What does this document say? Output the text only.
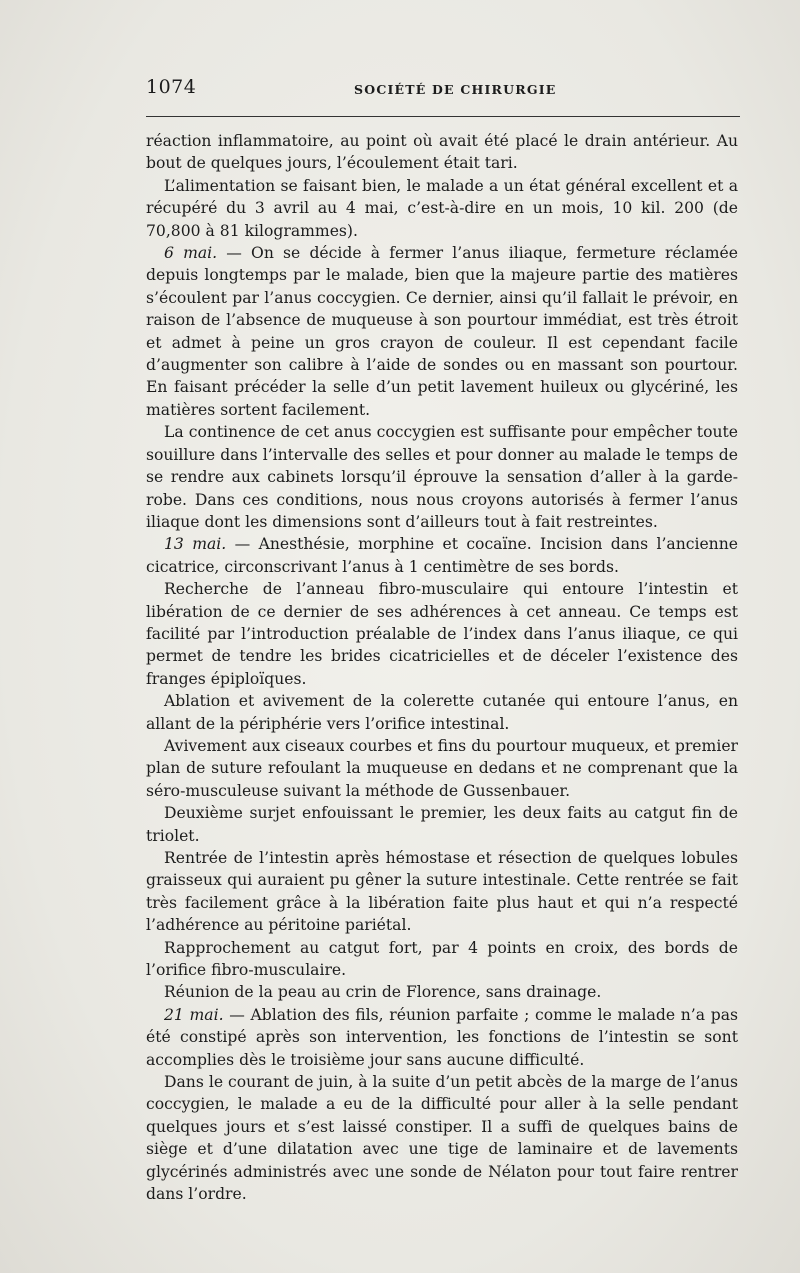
1074	SOCIÉTÉ DE CHIRURGIE

réaction inflammatoire, au point où avait été placé le drain antérieur. Au bout de quelques jours, l’écoulement était tari.

L’alimentation se faisant bien, le malade a un état général excellent et a récupéré du 3 avril au 4 mai, c’est-à-dire en un mois, 10 kil. 200 (de 70,800 à 81 kilogrammes).

6 mai. — On se décide à fermer l’anus iliaque, fermeture réclamée depuis longtemps par le malade, bien que la majeure partie des matières s’écoulent par l’anus coccygien. Ce dernier, ainsi qu’il fallait le prévoir, en raison de l’absence de muqueuse à son pourtour immédiat, est très étroit et admet à peine un gros crayon de couleur. Il est cependant facile d’augmenter son calibre à l’aide de sondes ou en massant son pourtour. En faisant précéder la selle d’un petit lavement huileux ou glycériné, les matières sortent facilement.

La continence de cet anus coccygien est suffisante pour empêcher toute souillure dans l’intervalle des selles et pour donner au malade le temps de se rendre aux cabinets lorsqu’il éprouve la sensation d’aller à la garde-robe. Dans ces conditions, nous nous croyons autorisés à fermer l’anus iliaque dont les dimensions sont d’ailleurs tout à fait restreintes.

13 mai. — Anesthésie, morphine et cocaïne. Incision dans l’ancienne cicatrice, circonscrivant l’anus à 1 centimètre de ses bords.

Recherche de l’anneau fibro-musculaire qui entoure l’intestin et libération de ce dernier de ses adhérences à cet anneau. Ce temps est facilité par l’introduction préalable de l’index dans l’anus iliaque, ce qui permet de tendre les brides cicatricielles et de déceler l’existence des franges épiploïques.

Ablation et avivement de la colerette cutanée qui entoure l’anus, en allant de la périphérie vers l’orifice intestinal.

Avivement aux ciseaux courbes et fins du pourtour muqueux, et premier plan de suture refoulant la muqueuse en dedans et ne comprenant que la séro-musculeuse suivant la méthode de Gussenbauer.

Deuxième surjet enfouissant le premier, les deux faits au catgut fin de triolet.

Rentrée de l’intestin après hémostase et résection de quelques lobules graisseux qui auraient pu gêner la suture intestinale. Cette rentrée se fait très facilement grâce à la libération faite plus haut et qui n’a respecté l’adhérence au péritoine pariétal.

Rapprochement au catgut fort, par 4 points en croix, des bords de l’orifice fibro-musculaire.

Réunion de la peau au crin de Florence, sans drainage.

21 mai. — Ablation des fils, réunion parfaite ; comme le malade n’a pas été constipé après son intervention, les fonctions de l’intestin se sont accomplies dès le troisième jour sans aucune difficulté.

Dans le courant de juin, à la suite d’un petit abcès de la marge de l’anus coccygien, le malade a eu de la difficulté pour aller à la selle pendant quelques jours et s’est laissé constiper. Il a suffi de quelques bains de siège et d’une dilatation avec une tige de laminaire et de lavements glycérinés administrés avec une sonde de Nélaton pour tout faire rentrer dans l’ordre.
